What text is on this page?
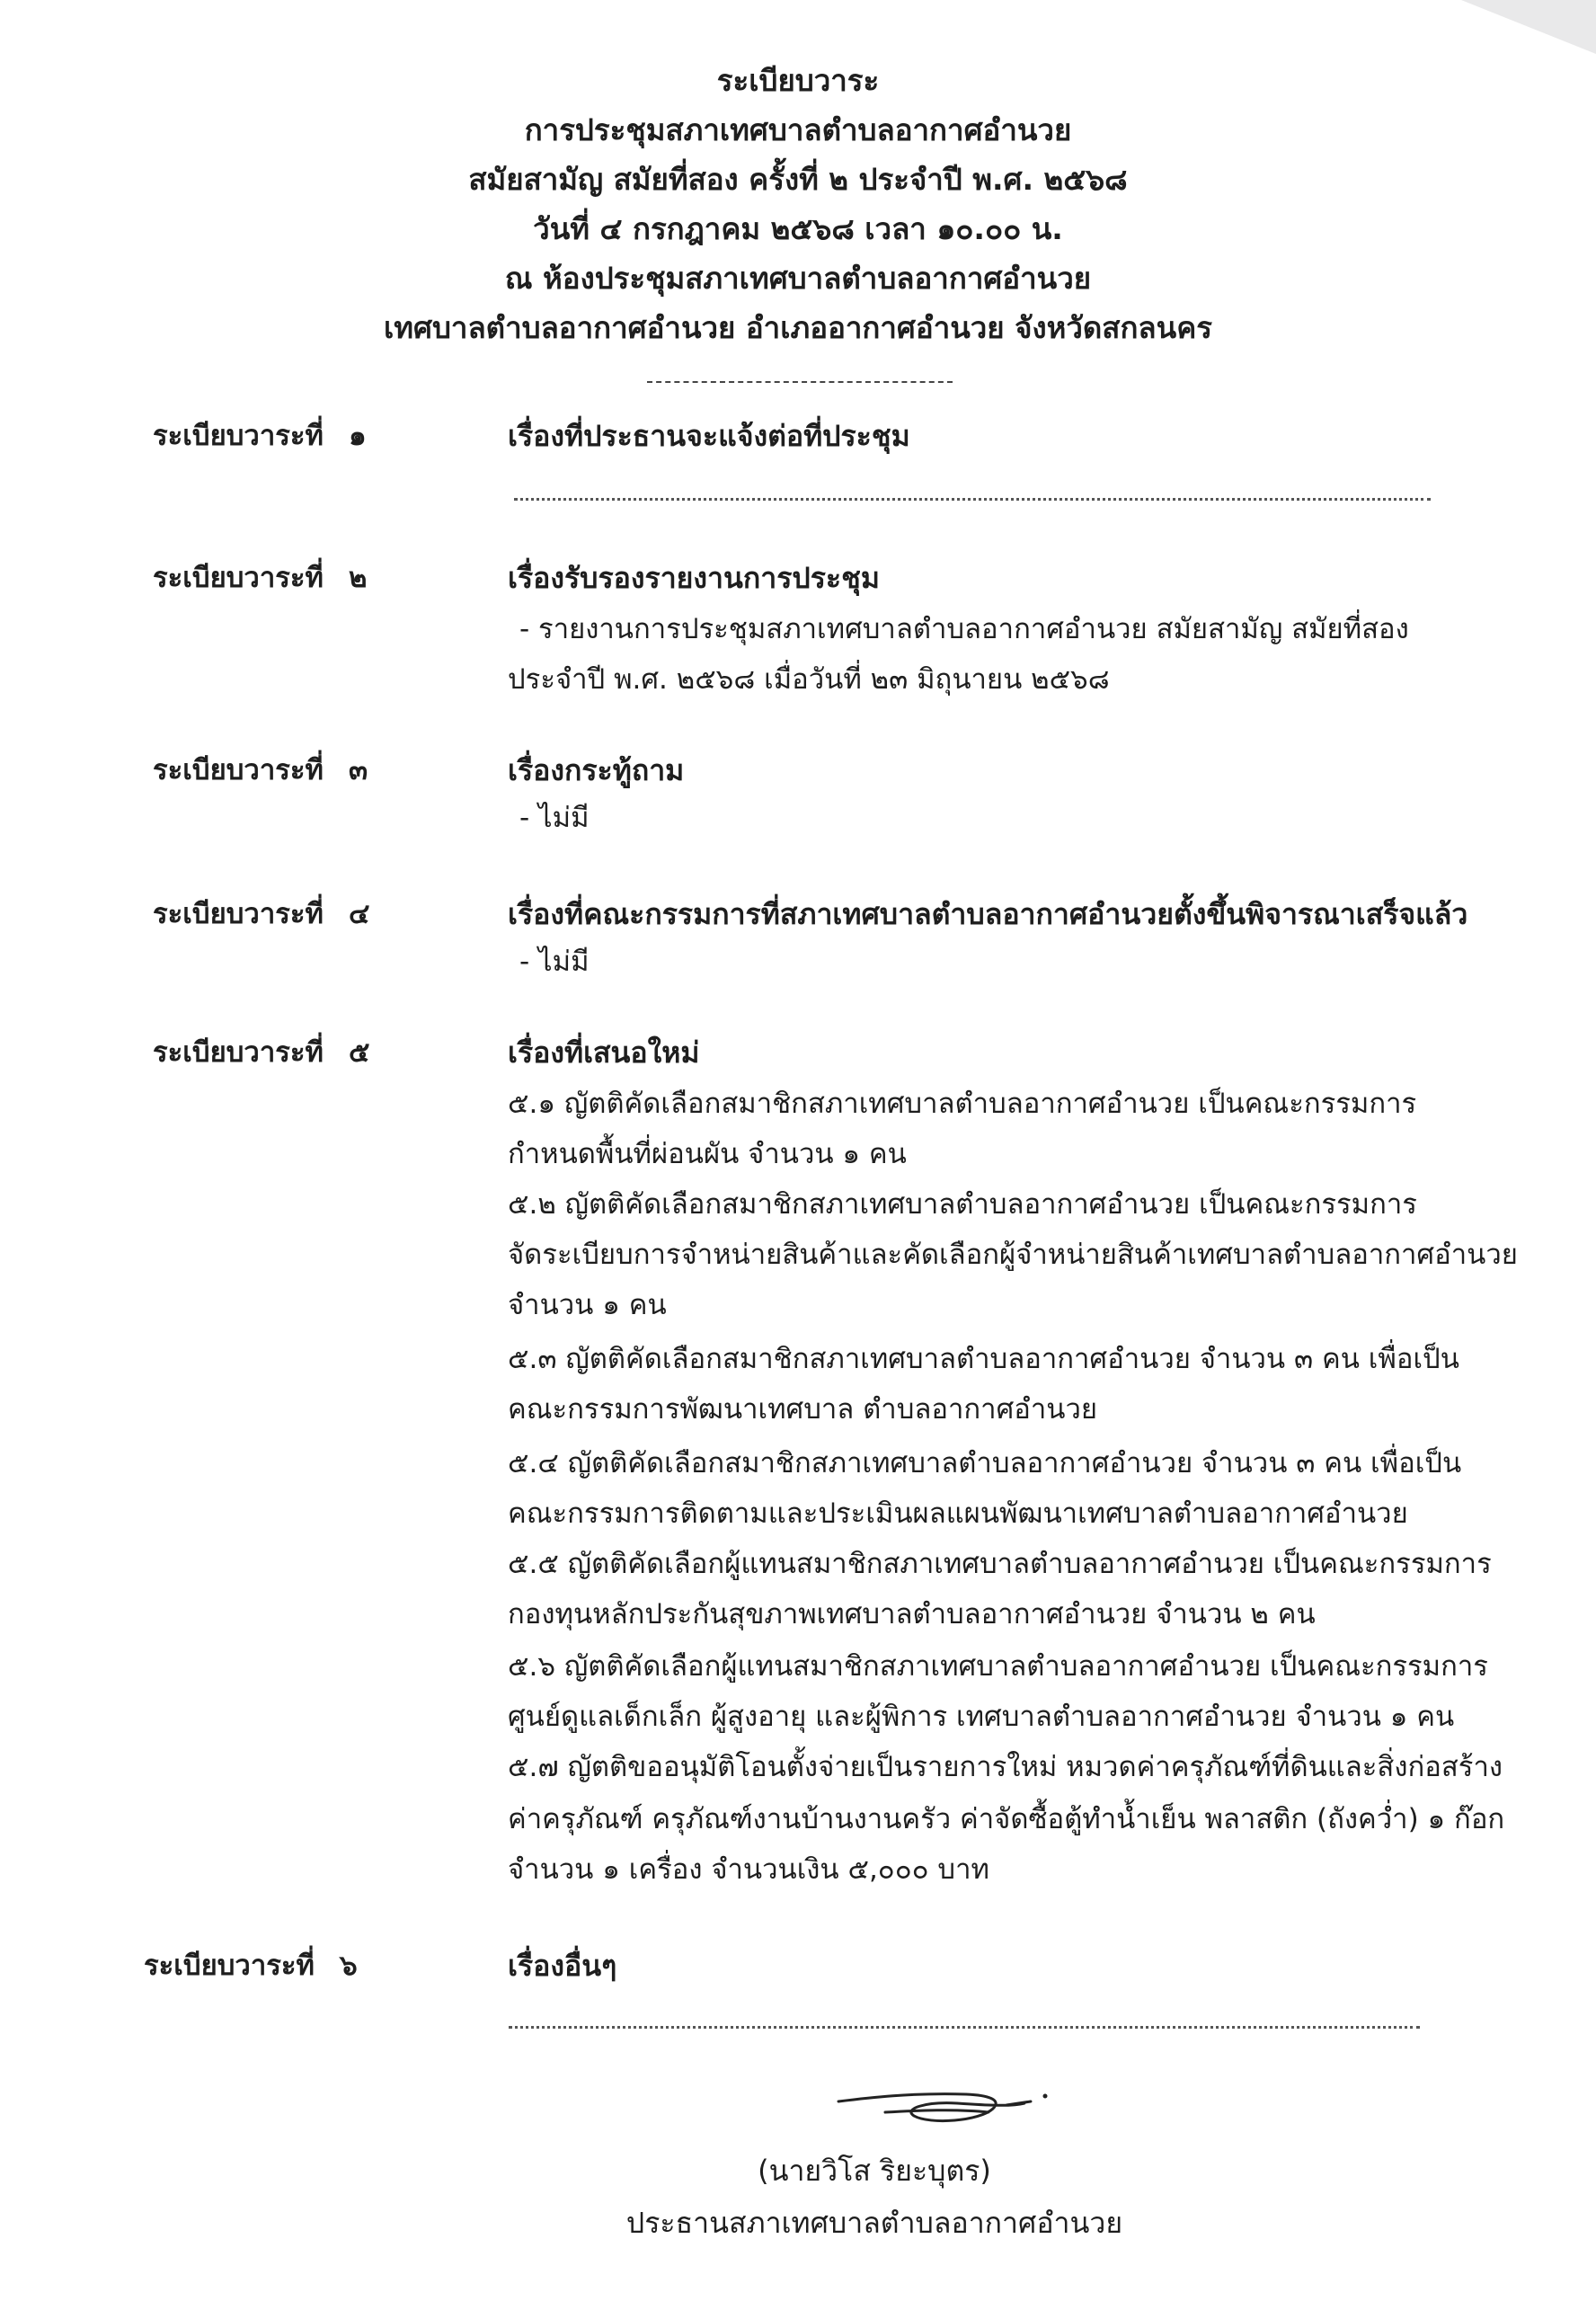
ระเบียบวาระ
การประชุมสภาเทศบาลตำบลอากาศอำนวย
สมัยสามัญ สมัยที่สอง ครั้งที่ ๒ ประจำปี พ.ศ. ๒๕๖๘
วันที่ ๔ กรกฎาคม ๒๕๖๘ เวลา ๑๐.๐๐ น.
ณ ห้องประชุมสภาเทศบาลตำบลอากาศอำนวย
เทศบาลตำบลอากาศอำนวย อำเภออากาศอำนวย จังหวัดสกลนคร
ระเบียบวาระที่ ๑	เรื่องที่ประธานจะแจ้งต่อที่ประชุม
ระเบียบวาระที่ ๒	เรื่องรับรองรายงานการประชุม
- รายงานการประชุมสภาเทศบาลตำบลอากาศอำนวย สมัยสามัญ สมัยที่สอง
ประจำปี พ.ศ. ๒๕๖๘ เมื่อวันที่ ๒๓ มิถุนายน ๒๕๖๘
ระเบียบวาระที่ ๓	เรื่องกระทู้ถาม
- ไม่มี
ระเบียบวาระที่ ๔	เรื่องที่คณะกรรมการที่สภาเทศบาลตำบลอากาศอำนวยตั้งขึ้นพิจารณาเสร็จแล้ว
- ไม่มี
ระเบียบวาระที่ ๕	เรื่องที่เสนอใหม่
๕.๑ ญัตติคัดเลือกสมาชิกสภาเทศบาลตำบลอากาศอำนวย เป็นคณะกรรมการ
กำหนดพื้นที่ผ่อนผัน จำนวน ๑ คน
๕.๒ ญัตติคัดเลือกสมาชิกสภาเทศบาลตำบลอากาศอำนวย เป็นคณะกรรมการ
จัดระเบียบการจำหน่ายสินค้าและคัดเลือกผู้จำหน่ายสินค้าเทศบาลตำบลอากาศอำนวย
จำนวน ๑ คน
๕.๓ ญัตติคัดเลือกสมาชิกสภาเทศบาลตำบลอากาศอำนวย จำนวน ๓ คน เพื่อเป็น
คณะกรรมการพัฒนาเทศบาล ตำบลอากาศอำนวย
๕.๔ ญัตติคัดเลือกสมาชิกสภาเทศบาลตำบลอากาศอำนวย จำนวน ๓ คน เพื่อเป็น
คณะกรรมการติดตามและประเมินผลแผนพัฒนาเทศบาลตำบลอากาศอำนวย
๕.๕ ญัตติคัดเลือกผู้แทนสมาชิกสภาเทศบาลตำบลอากาศอำนวย เป็นคณะกรรมการ
กองทุนหลักประกันสุขภาพเทศบาลตำบลอากาศอำนวย จำนวน ๒ คน
๕.๖ ญัตติคัดเลือกผู้แทนสมาชิกสภาเทศบาลตำบลอากาศอำนวย เป็นคณะกรรมการ
ศูนย์ดูแลเด็กเล็ก ผู้สูงอายุ และผู้พิการ เทศบาลตำบลอากาศอำนวย จำนวน ๑ คน
๕.๗ ญัตติขออนุมัติโอนตั้งจ่ายเป็นรายการใหม่ หมวดค่าครุภัณฑ์ที่ดินและสิ่งก่อสร้าง
ค่าครุภัณฑ์ ครุภัณฑ์งานบ้านงานครัว ค่าจัดซื้อตู้ทำน้ำเย็น พลาสติก (ถังคว่ำ) ๑ ก๊อก
จำนวน ๑ เครื่อง จำนวนเงิน ๕,๐๐๐ บาท
ระเบียบวาระที่ ๖	เรื่องอื่นๆ
(นายวิโส ริยะบุตร)
ประธานสภาเทศบาลตำบลอากาศอำนวย
